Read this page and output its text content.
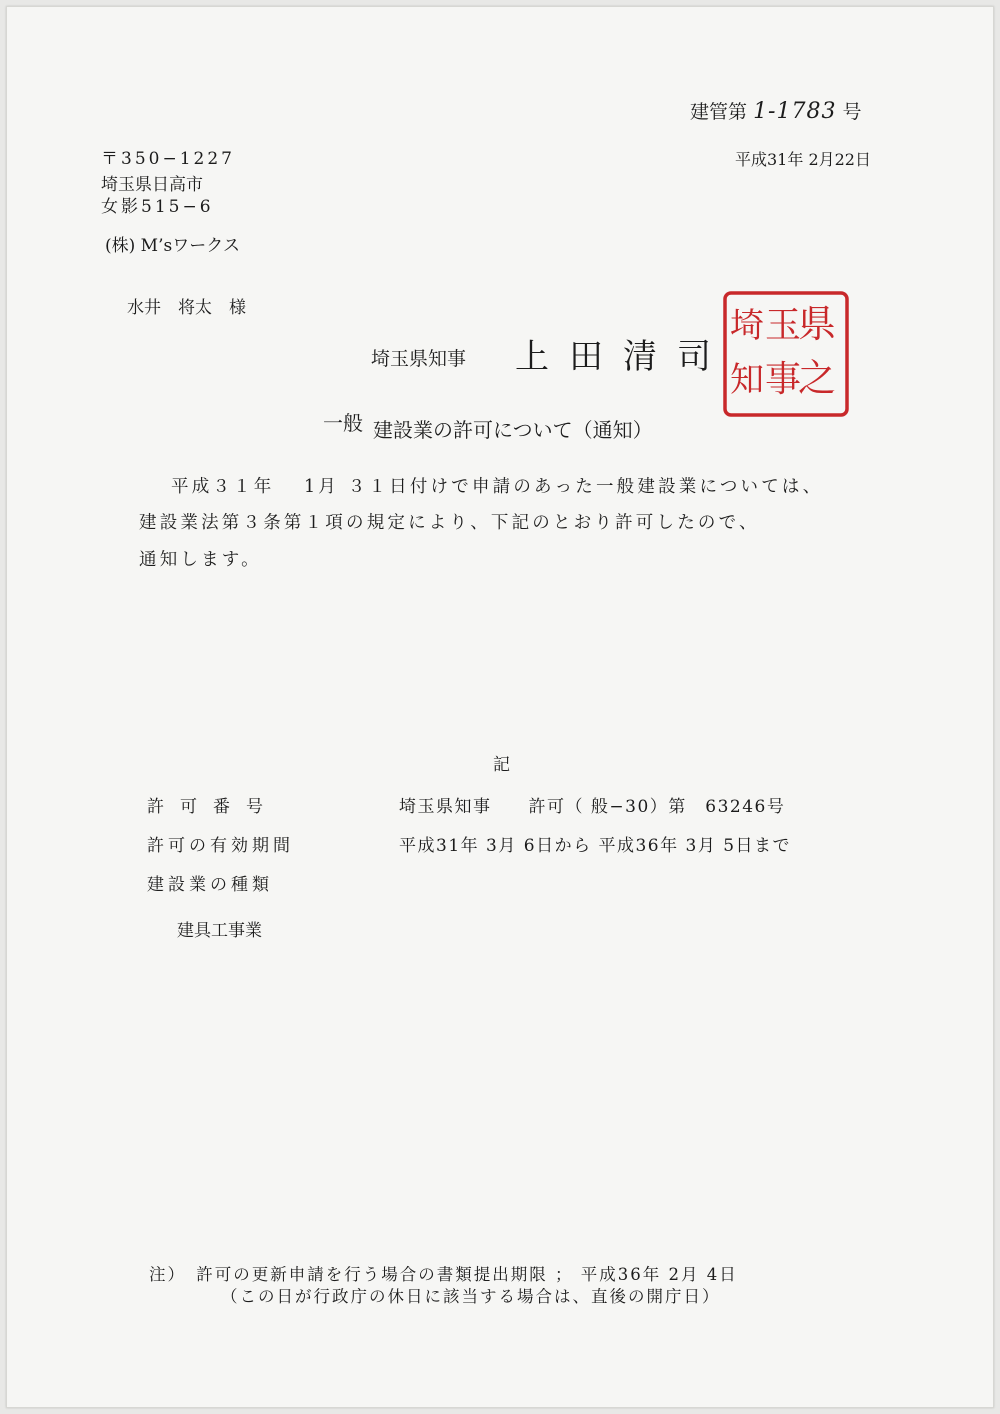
建管第 1-1783 号
平成31年 2月22日
〒350−1227
埼玉県日高市
女影515−6
(株) M’sワークス
水井　将太　様
埼玉県知事 上田清司
県
之
玉
事
埼
知
一般 建設業の許可について（通知）
平成３１年　 1月 ３１日付けで申請のあった一般建設業については、
建設業法第３条第１項の規定により、下記のとおり許可したので、
通知します。
記
許可番号	埼玉県知事　　許可（ 般−30）第　63246号
許可の有効期間	平成31年 3月 6日から 平成36年 3月 5日まで
建設業の種類
建具工事業
注）　許可の更新申請を行う場合の書類提出期限 ； 平成36年 2月 4日
（この日が行政庁の休日に該当する場合は、直後の開庁日）
